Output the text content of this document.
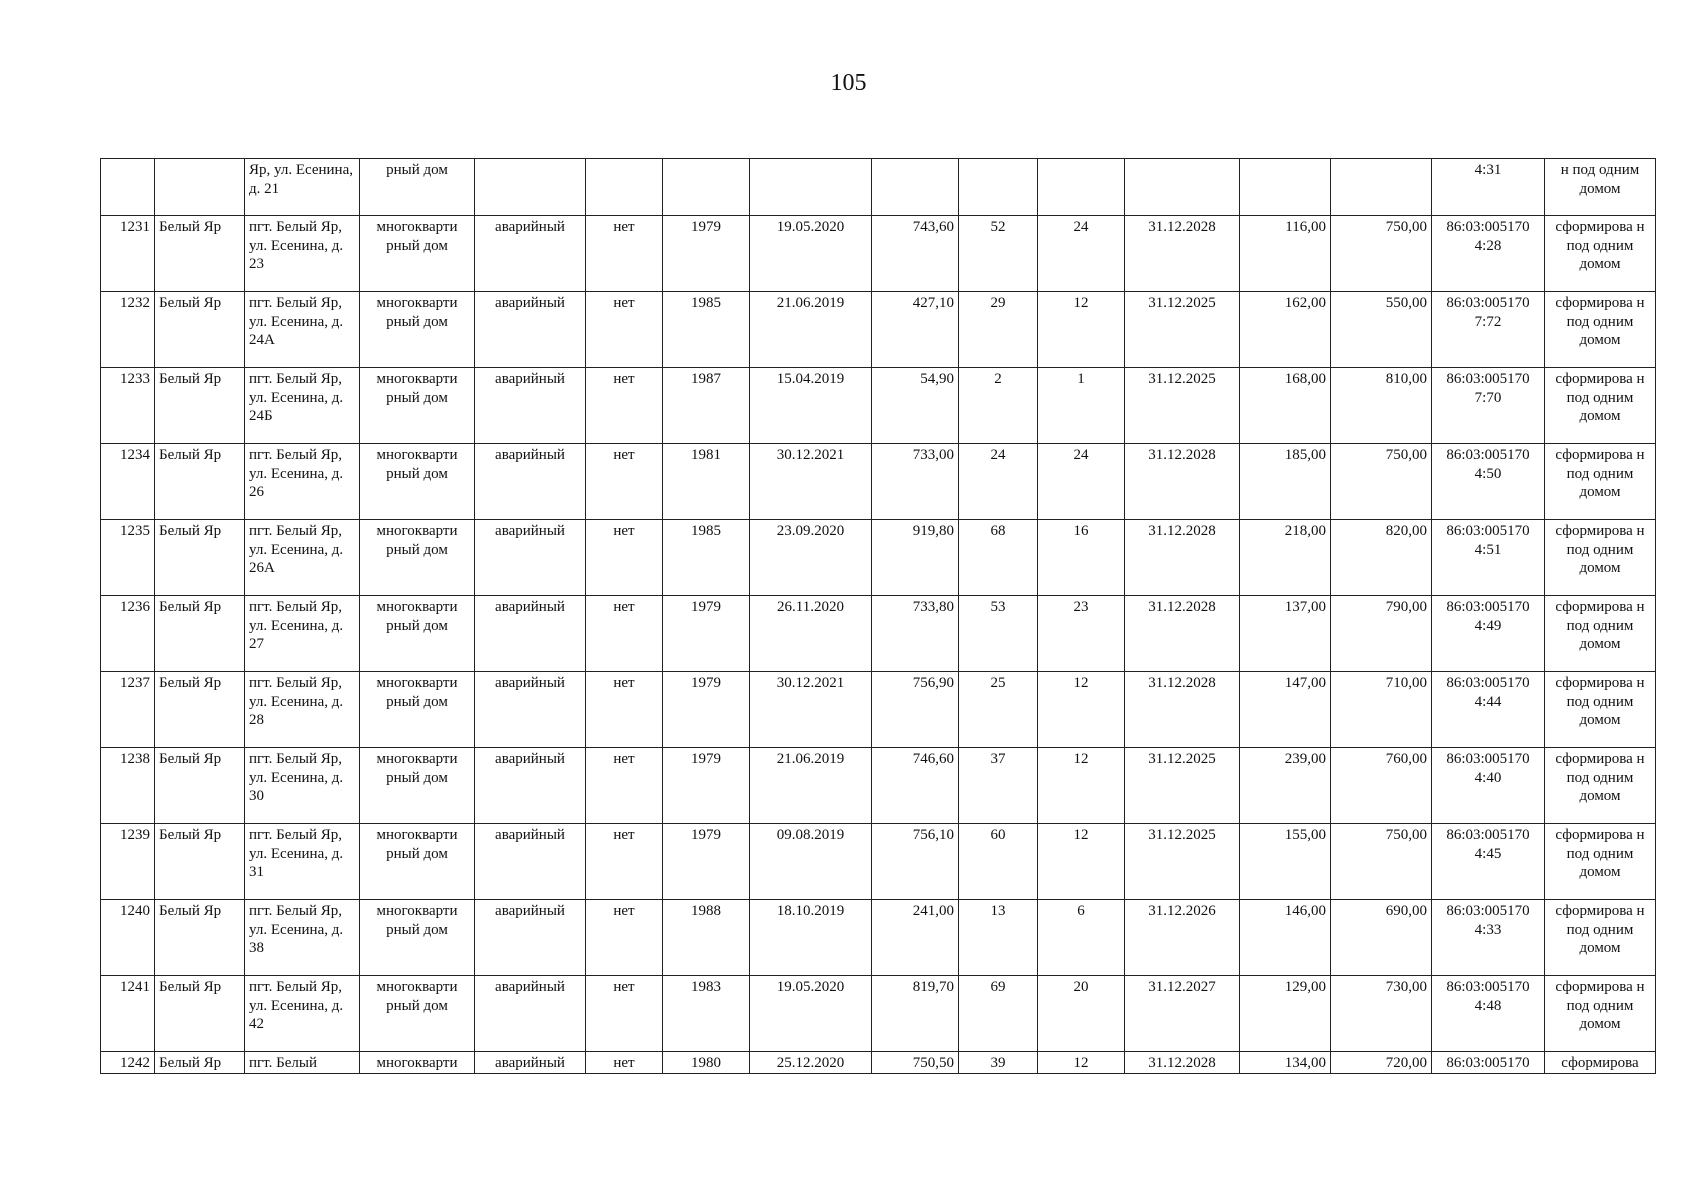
105
		Яр, ул. Есенина, д. 21	рный дом											4:31	н под одним домом
1231	Белый Яр	пгт. Белый Яр, ул. Есенина, д. 23	многокварти рный дом	аварийный	нет	1979	19.05.2020	743,60	52	24	31.12.2028	116,00	750,00	86:03:005170 4:28	сформирова н под одним домом
1232	Белый Яр	пгт. Белый Яр, ул. Есенина, д. 24А	многокварти рный дом	аварийный	нет	1985	21.06.2019	427,10	29	12	31.12.2025	162,00	550,00	86:03:005170 7:72	сформирова н под одним домом
1233	Белый Яр	пгт. Белый Яр, ул. Есенина, д. 24Б	многокварти рный дом	аварийный	нет	1987	15.04.2019	54,90	2	1	31.12.2025	168,00	810,00	86:03:005170 7:70	сформирова н под одним домом
1234	Белый Яр	пгт. Белый Яр, ул. Есенина, д. 26	многокварти рный дом	аварийный	нет	1981	30.12.2021	733,00	24	24	31.12.2028	185,00	750,00	86:03:005170 4:50	сформирова н под одним домом
1235	Белый Яр	пгт. Белый Яр, ул. Есенина, д. 26А	многокварти рный дом	аварийный	нет	1985	23.09.2020	919,80	68	16	31.12.2028	218,00	820,00	86:03:005170 4:51	сформирова н под одним домом
1236	Белый Яр	пгт. Белый Яр, ул. Есенина, д. 27	многокварти рный дом	аварийный	нет	1979	26.11.2020	733,80	53	23	31.12.2028	137,00	790,00	86:03:005170 4:49	сформирова н под одним домом
1237	Белый Яр	пгт. Белый Яр, ул. Есенина, д. 28	многокварти рный дом	аварийный	нет	1979	30.12.2021	756,90	25	12	31.12.2028	147,00	710,00	86:03:005170 4:44	сформирова н под одним домом
1238	Белый Яр	пгт. Белый Яр, ул. Есенина, д. 30	многокварти рный дом	аварийный	нет	1979	21.06.2019	746,60	37	12	31.12.2025	239,00	760,00	86:03:005170 4:40	сформирова н под одним домом
1239	Белый Яр	пгт. Белый Яр, ул. Есенина, д. 31	многокварти рный дом	аварийный	нет	1979	09.08.2019	756,10	60	12	31.12.2025	155,00	750,00	86:03:005170 4:45	сформирова н под одним домом
1240	Белый Яр	пгт. Белый Яр, ул. Есенина, д. 38	многокварти рный дом	аварийный	нет	1988	18.10.2019	241,00	13	6	31.12.2026	146,00	690,00	86:03:005170 4:33	сформирова н под одним домом
1241	Белый Яр	пгт. Белый Яр, ул. Есенина, д. 42	многокварти рный дом	аварийный	нет	1983	19.05.2020	819,70	69	20	31.12.2027	129,00	730,00	86:03:005170 4:48	сформирова н под одним домом
1242	Белый Яр	пгт. Белый	многокварти	аварийный	нет	1980	25.12.2020	750,50	39	12	31.12.2028	134,00	720,00	86:03:005170	сформирова
